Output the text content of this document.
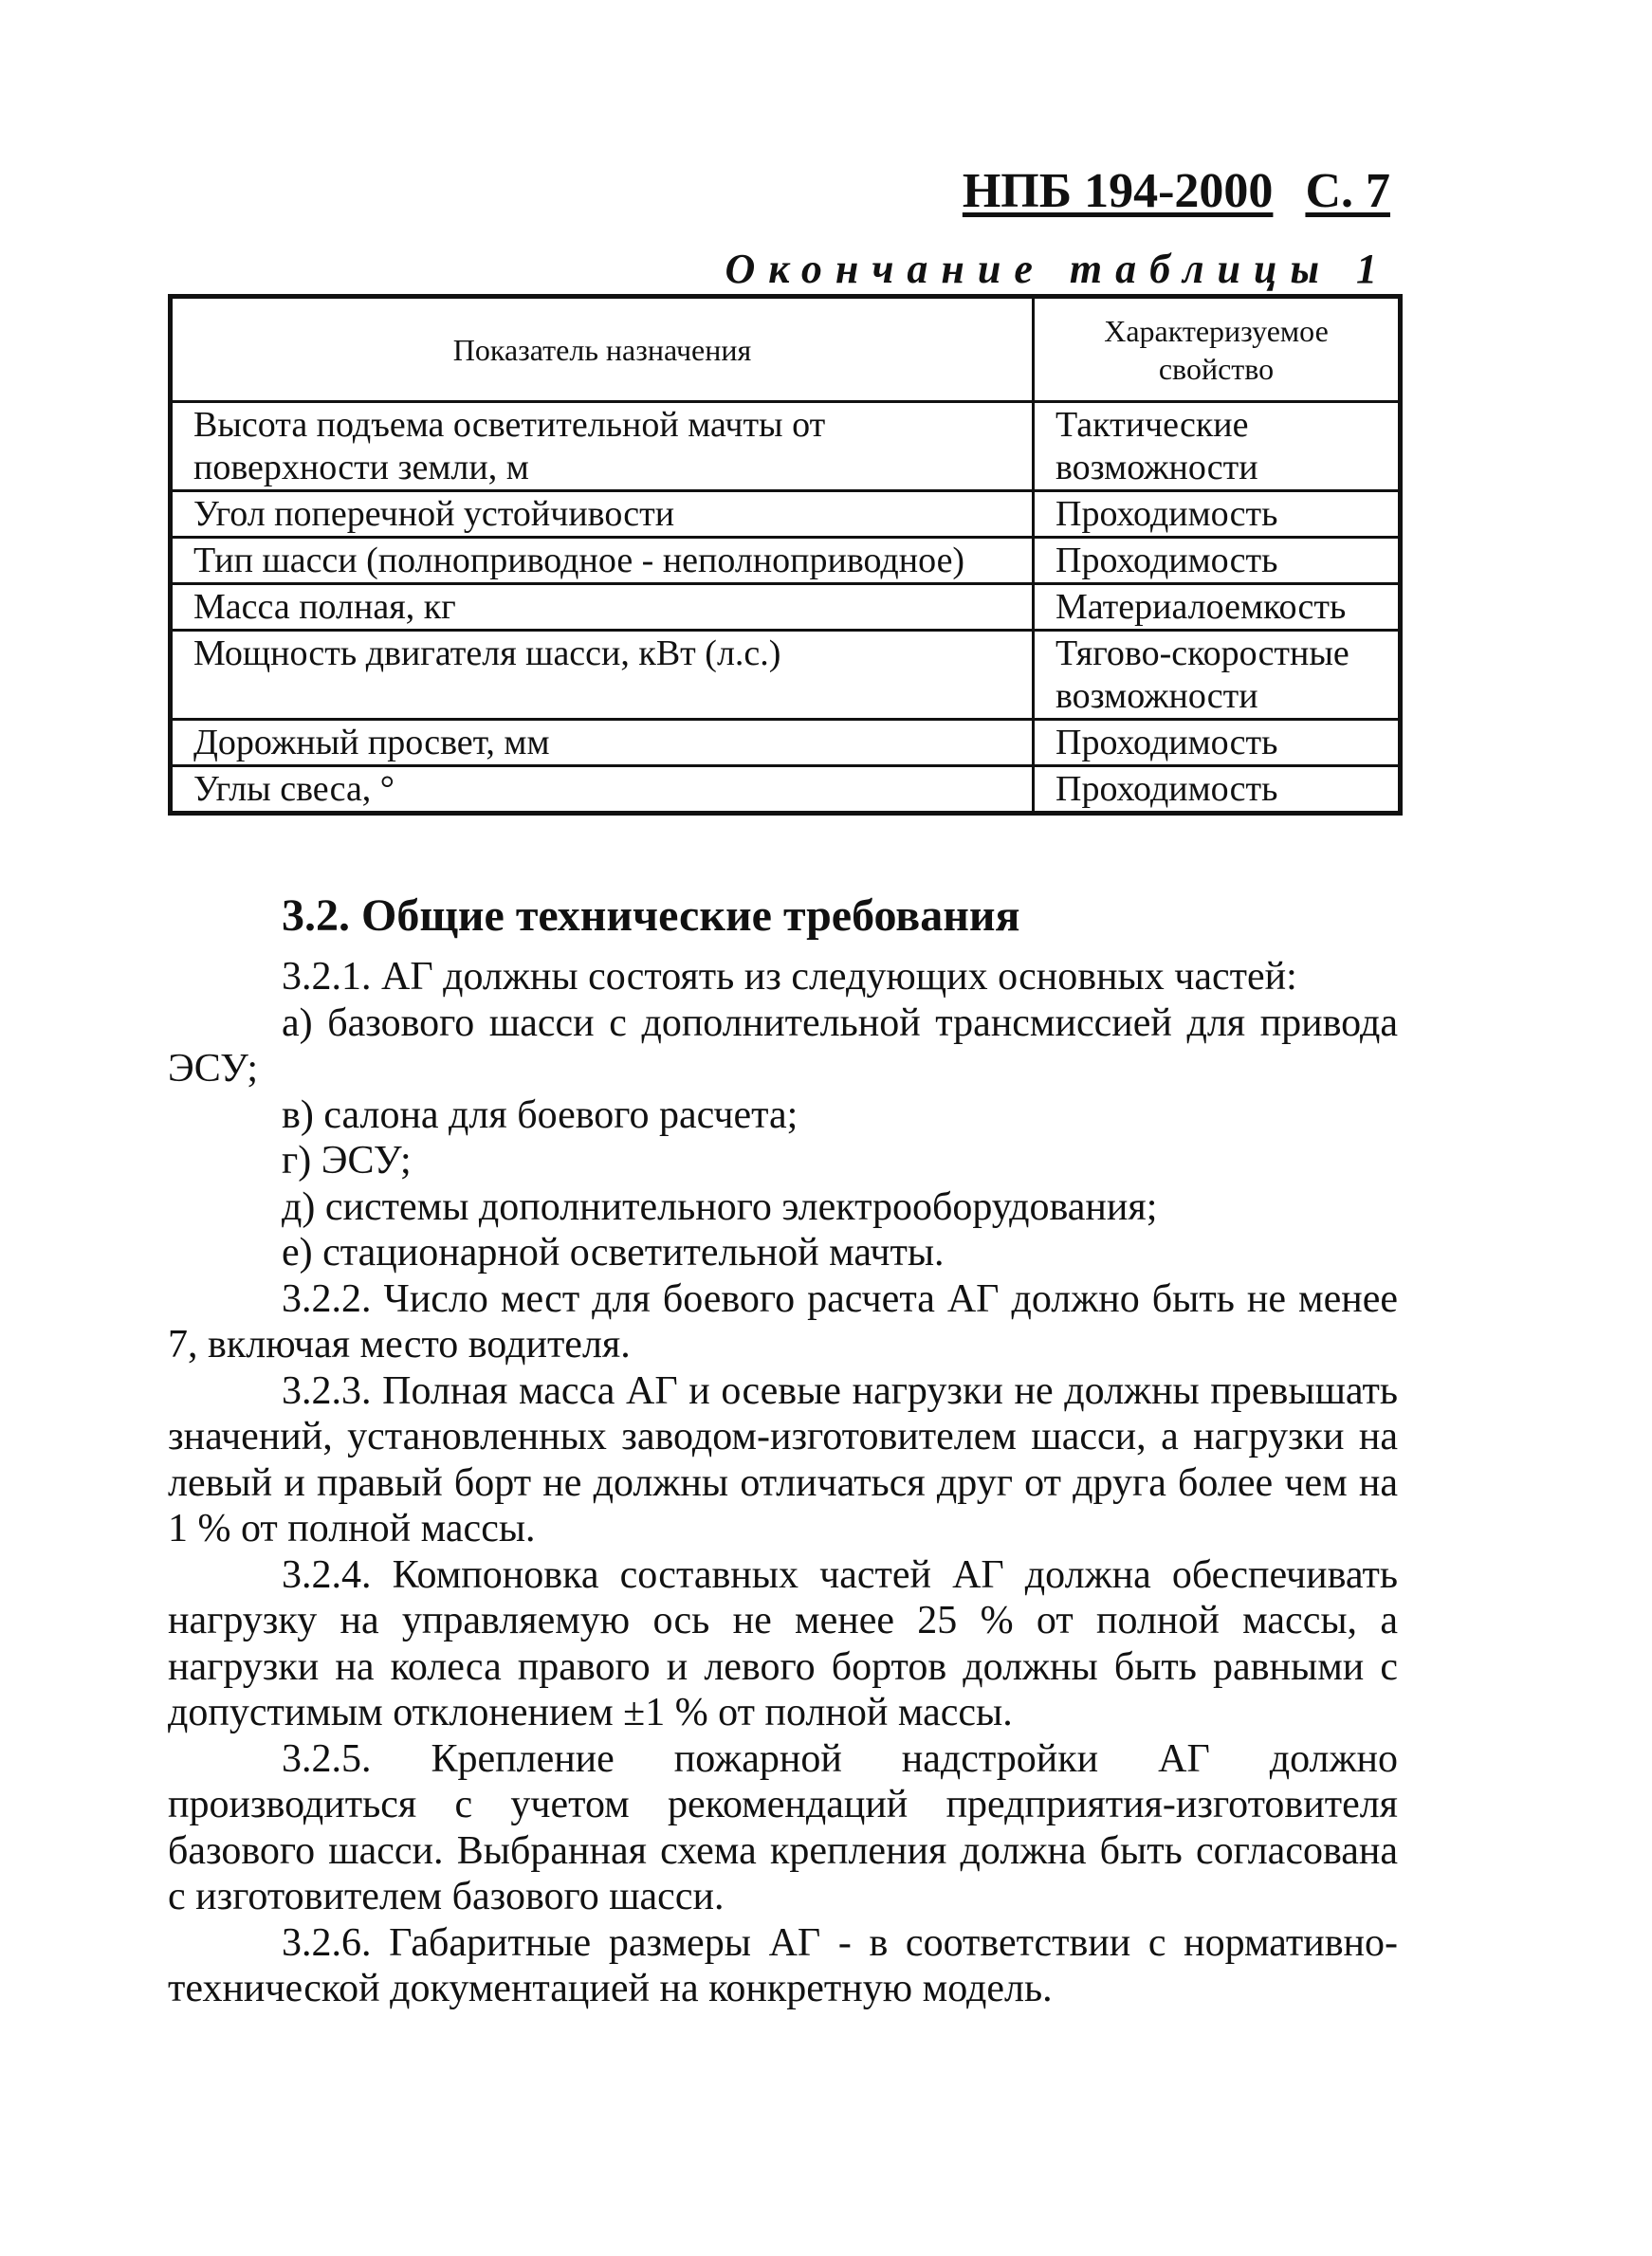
НПБ 194-2000 С. 7
Окончание таблицы 1
Показатель назначения	Характеризуемое свойство
Высота подъема осветительной мачты от поверхности земли, м	Тактические возможности
Угол поперечной устойчивости	Проходимость
Тип шасси (полноприводное - неполноприводное)	Проходимость
Масса полная, кг	Материалоемкость
Мощность двигателя шасси, кВт (л.с.)	Тягово-скоростные возможности
Дорожный просвет, мм	Проходимость
Углы свеса, °	Проходимость
3.2. Общие технические требования

3.2.1. АГ должны состоять из следующих основных частей:

а) базового шасси с дополнительной трансмиссией для привода ЭСУ;

в) салона для боевого расчета;

г) ЭСУ;

д) системы дополнительного электрооборудования;

е) стационарной осветительной мачты.

3.2.2. Число мест для боевого расчета АГ должно быть не менее 7, включая место водителя.

3.2.3. Полная масса АГ и осевые нагрузки не должны превышать значений, установленных заводом-изготовителем шасси, а нагрузки на левый и правый борт не должны отличаться друг от друга более чем на 1 % от полной массы.

3.2.4. Компоновка составных частей АГ должна обеспечивать нагрузку на управляемую ось не менее 25 % от полной массы, а нагрузки на колеса правого и левого бортов должны быть равными с допустимым отклонением ±1 % от полной массы.

3.2.5. Крепление пожарной надстройки АГ должно производиться с учетом рекомендаций предприятия-изготовителя базового шасси. Выбранная схема крепления должна быть согласована с изготовителем базового шасси.

3.2.6. Габаритные размеры АГ - в соответствии с нормативно-технической документацией на конкретную модель.
